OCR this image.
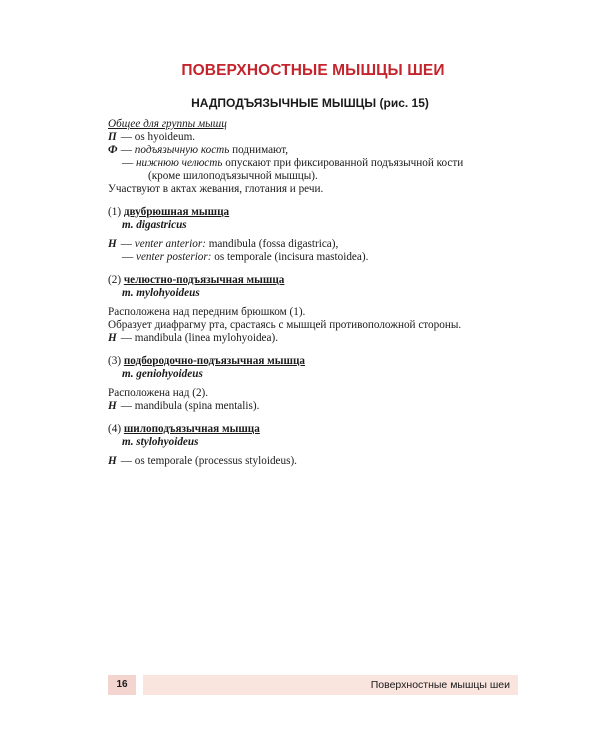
ПОВЕРХНОСТНЫЕ МЫШЦЫ ШЕИ
НАДПОДЪЯЗЫЧНЫЕ МЫШЦЫ (рис. 15)
Общее для группы мышц
П — os hyoideum.
Ф — подъязычную кость поднимают,
— нижнюю челюсть опускают при фиксированной подъязычной кости
(кроме шилоподъязычной мышцы).
Участвуют в актах жевания, глотания и речи.
(1) двубрюшная мышца
m. digastricus
Н — venter anterior: mandibula (fossa digastrica),
— venter posterior: os temporale (incisura mastoidea).
(2) челюстно-подъязычная мышца
m. mylohyoideus
Расположена над передним брюшком (1).
Образует диафрагму рта, срастаясь с мышцей противоположной стороны.
Н — mandibula (linea mylohyoidea).
(3) подбородочно-подъязычная мышца
m. geniohyoideus
Расположена над (2).
Н — mandibula (spina mentalis).
(4) шилоподъязычная мышца
m. stylohyoideus
Н — os temporale (processus styloideus).
16	Поверхностные мышцы шеи
